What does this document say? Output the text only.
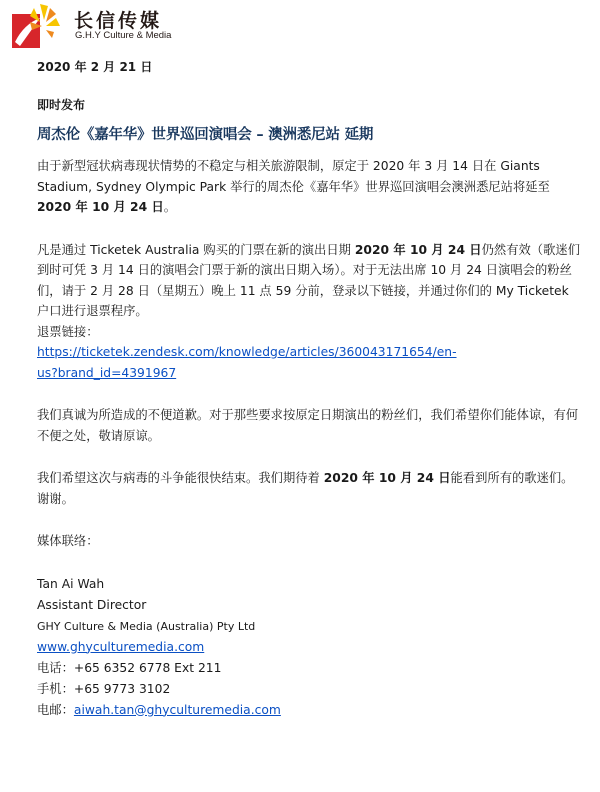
长信传媒
G.H.Y Culture & Media
2020 年 2 月 21 日
即时发布
周杰伦《嘉年华》世界巡回演唱会 – 澳洲悉尼站 延期

由于新型冠状病毒现状情势的不稳定与相关旅游限制，原定于 2020 年 3 月 14 日在 Giants Stadium, Sydney Olympic Park 举行的周杰伦《嘉年华》世界巡回演唱会澳洲悉尼站将延至 2020 年 10 月 24 日。

凡是通过 Ticketek Australia 购买的门票在新的演出日期 2020 年 10 月 24 日仍然有效（歌迷们到时可凭 3 月 14 日的演唱会门票于新的演出日期入场）。对于无法出席 10 月 24 日演唱会的粉丝们，请于 2 月 28 日（星期五）晚上 11 点 59 分前，登录以下链接，并通过你们的 My Ticketek 户口进行退票程序。

退票链接：

https://ticketek.zendesk.com/knowledge/articles/360043171654/en-
us?brand_id=4391967

我们真诚为所造成的不便道歉。对于那些要求按原定日期演出的粉丝们，我们希望你们能体谅，有何不便之处，敬请原谅。

我们希望这次与病毒的斗争能很快结束。我们期待着 2020 年 10 月 24 日能看到所有的歌迷们。谢谢。

媒体联络：

Tan Ai Wah
Assistant Director
GHY Culture & Media (Australia) Pty Ltd
www.ghyculturemedia.com
电话：+65 6352 6778 Ext 211
手机：+65 9773 3102
电邮：aiwah.tan@ghyculturemedia.com
